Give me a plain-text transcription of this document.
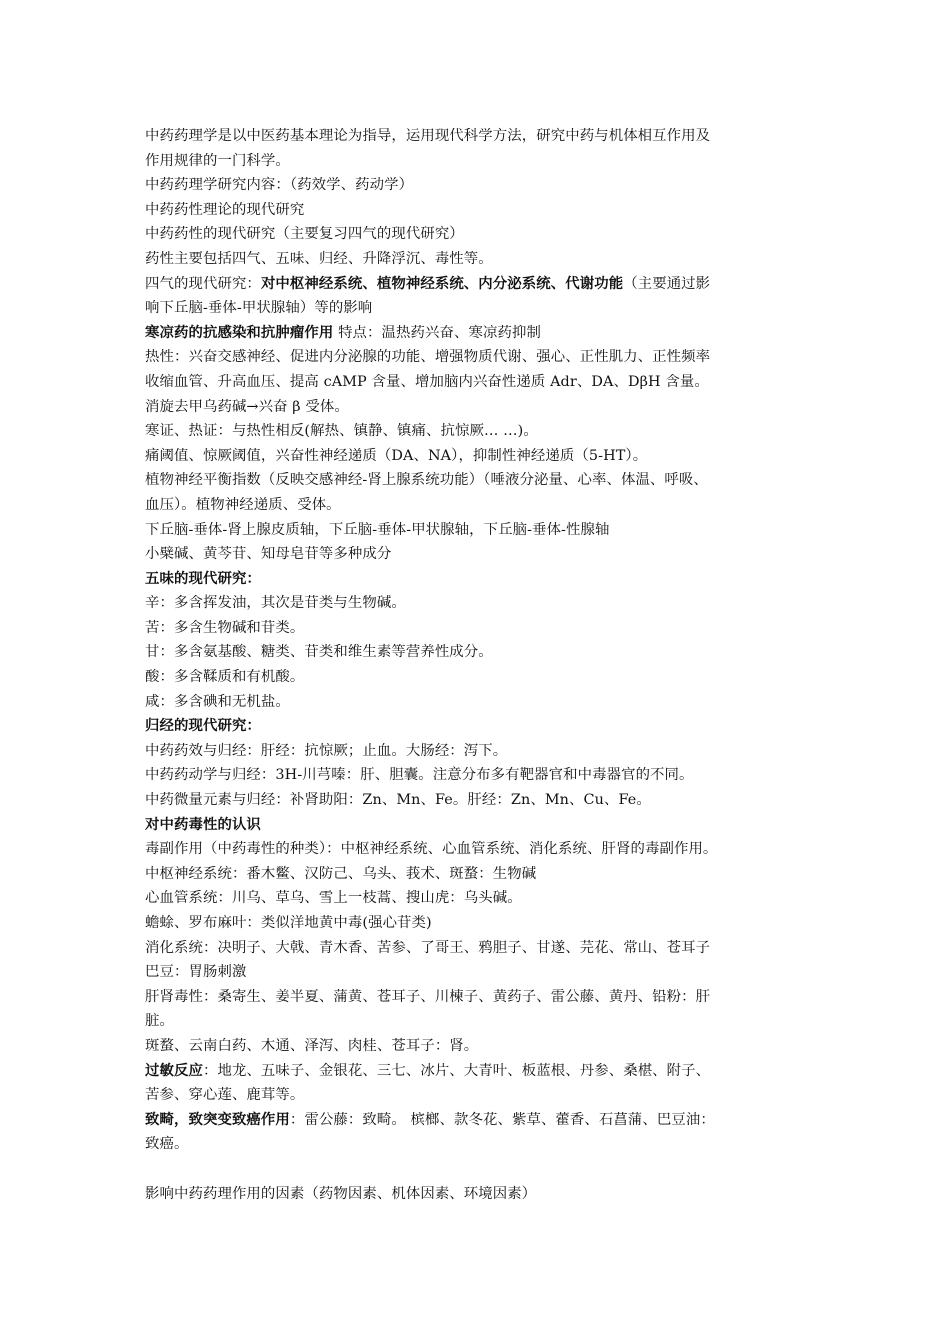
中药药理学是以中医药基本理论为指导，运用现代科学方法，研究中药与机体相互作用及
作用规律的一门科学。
中药药理学研究内容：（药效学、药动学）
中药药性理论的现代研究
中药药性的现代研究（主要复习四气的现代研究）
药性主要包括四气、五味、归经、升降浮沉、毒性等。
四气的现代研究：对中枢神经系统、植物神经系统、内分泌系统、代谢功能（主要通过影
响下丘脑-垂体-甲状腺轴）等的影响
寒凉药的抗感染和抗肿瘤作用 特点：温热药兴奋、寒凉药抑制
热性：兴奋交感神经、促进内分泌腺的功能、增强物质代谢、强心、正性肌力、正性频率
收缩血管、升高血压、提高 cAMP 含量、增加脑内兴奋性递质 Adr、DA、DβH 含量。
消旋去甲乌药碱→兴奋 β 受体。
寒证、热证：与热性相反(解热、镇静、镇痛、抗惊厥… …)。
痛阈值、惊厥阈值，兴奋性神经递质（DA、NA），抑制性神经递质（5-HT）。
植物神经平衡指数（反映交感神经-肾上腺系统功能）（唾液分泌量、心率、体温、呼吸、
血压）。植物神经递质、受体。
下丘脑-垂体-肾上腺皮质轴，下丘脑-垂体-甲状腺轴，下丘脑-垂体-性腺轴
小檗碱、黄芩苷、知母皂苷等多种成分
五味的现代研究：
辛：多含挥发油，其次是苷类与生物碱。
苦：多含生物碱和苷类。
甘：多含氨基酸、糖类、苷类和维生素等营养性成分。
酸：多含鞣质和有机酸。
咸：多含碘和无机盐。
归经的现代研究：
中药药效与归经：肝经：抗惊厥；止血。大肠经：泻下。
中药药动学与归经：3H-川芎嗪：肝、胆囊。注意分布多有靶器官和中毒器官的不同。
中药微量元素与归经：补肾助阳：Zn、Mn、Fe。肝经：Zn、Mn、Cu、Fe。
对中药毒性的认识
毒副作用（中药毒性的种类）：中枢神经系统、心血管系统、消化系统、肝肾的毒副作用。
中枢神经系统：番木鳖、汉防己、乌头、莪术、斑蝥：生物碱
心血管系统：川乌、草乌、雪上一枝蒿、搜山虎：乌头碱。
蟾蜍、罗布麻叶：类似洋地黄中毒(强心苷类)
消化系统：决明子、大戟、青木香、苦参、了哥王、鸦胆子、甘遂、芫花、常山、苍耳子
巴豆：胃肠刺激
肝肾毒性：桑寄生、姜半夏、蒲黄、苍耳子、川楝子、黄药子、雷公藤、黄丹、铅粉：肝
脏。
斑蝥、云南白药、木通、泽泻、肉桂、苍耳子：肾。
过敏反应：地龙、五味子、金银花、三七、冰片、大青叶、板蓝根、丹参、桑椹、附子、
苦参、穿心莲、鹿茸等。
致畸，致突变致癌作用：雷公藤：致畸。 槟榔、款冬花、紫草、藿香、石菖蒲、巴豆油：
致癌。
影响中药药理作用的因素（药物因素、机体因素、环境因素）
